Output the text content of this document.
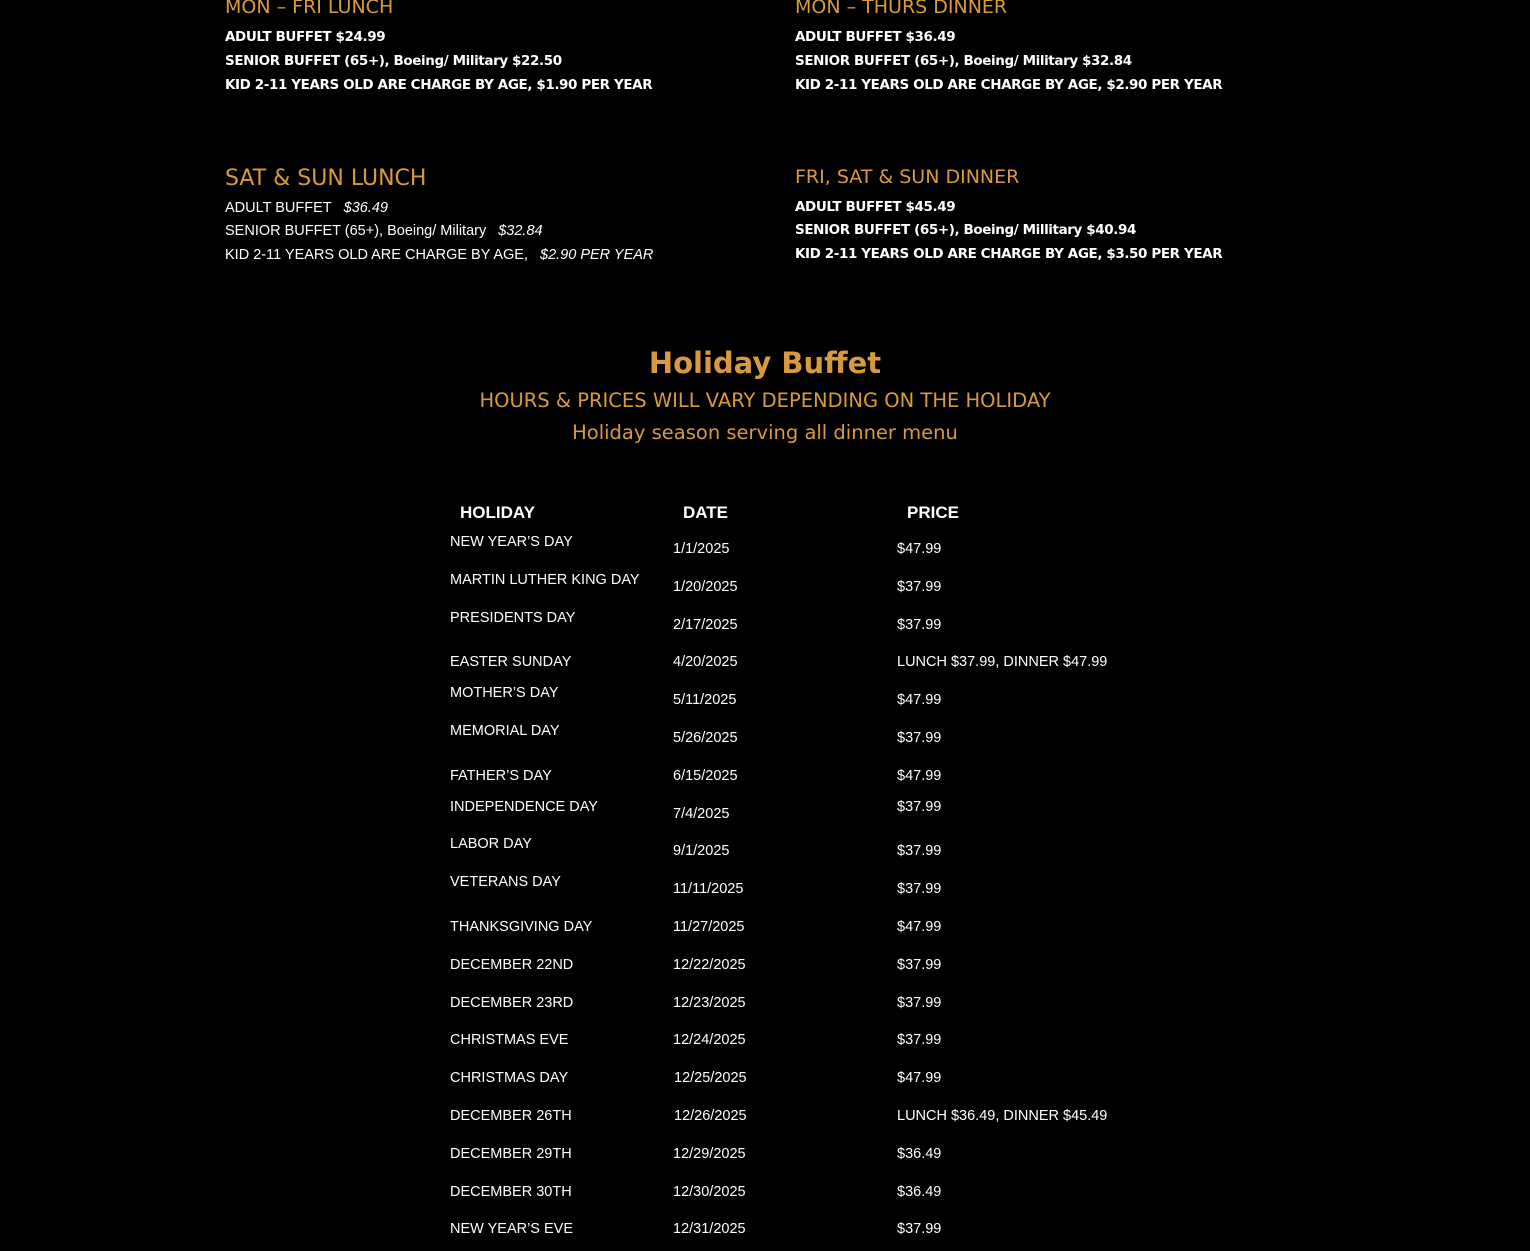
MON – FRI LUNCH
ADULT BUFFET $24.99
SENIOR BUFFET (65+), Boeing/ Military $22.50
KID 2-11 YEARS OLD ARE CHARGE BY AGE, $1.90 PER YEAR
MON – THURS DINNER
ADULT BUFFET $36.49
SENIOR BUFFET (65+), Boeing/ Military $32.84
KID 2-11 YEARS OLD ARE CHARGE BY AGE, $2.90 PER YEAR
SAT & SUN LUNCH
ADULT BUFFET $36.49
SENIOR BUFFET (65+), Boeing/ Military $32.84
KID 2-11 YEARS OLD ARE CHARGE BY AGE, $2.90 PER YEAR
FRI, SAT & SUN DINNER
ADULT BUFFET $45.49
SENIOR BUFFET (65+), Boeing/ Millitary $40.94
KID 2-11 YEARS OLD ARE CHARGE BY AGE, $3.50 PER YEAR
Holiday Buffet
HOURS & PRICES WILL VARY DEPENDING ON THE HOLIDAY
Holiday season serving all dinner menu
HOLIDAY	DATE	PRICE
NEW YEAR’S DAY	1/1/2025	$47.99
MARTIN LUTHER KING DAY 1/20/2025	$37.99
PRESIDENTS DAY	2/17/2025	$37.99
EASTER SUNDAY	4/20/2025	LUNCH $37.99, DINNER $47.99
MOTHER’S DAY	5/11/2025	$47.99
MEMORIAL DAY	5/26/2025	$37.99
FATHER’S DAY	6/15/2025	$47.99
INDEPENDENCE DAY	7/4/2025	$37.99
LABOR DAY	9/1/2025	$37.99
VETERANS DAY	11/11/2025	$37.99
THANKSGIVING DAY	11/27/2025	$47.99
DECEMBER 22ND	12/22/2025	$37.99
DECEMBER 23RD	12/23/2025	$37.99
CHRISTMAS EVE	12/24/2025	$37.99
CHRISTMAS DAY	12/25/2025	$47.99
DECEMBER 26TH	12/26/2025	LUNCH $36.49, DINNER $45.49
DECEMBER 29TH	12/29/2025	$36.49
DECEMBER 30TH	12/30/2025	$36.49
NEW YEAR’S EVE	12/31/2025	$37.99
